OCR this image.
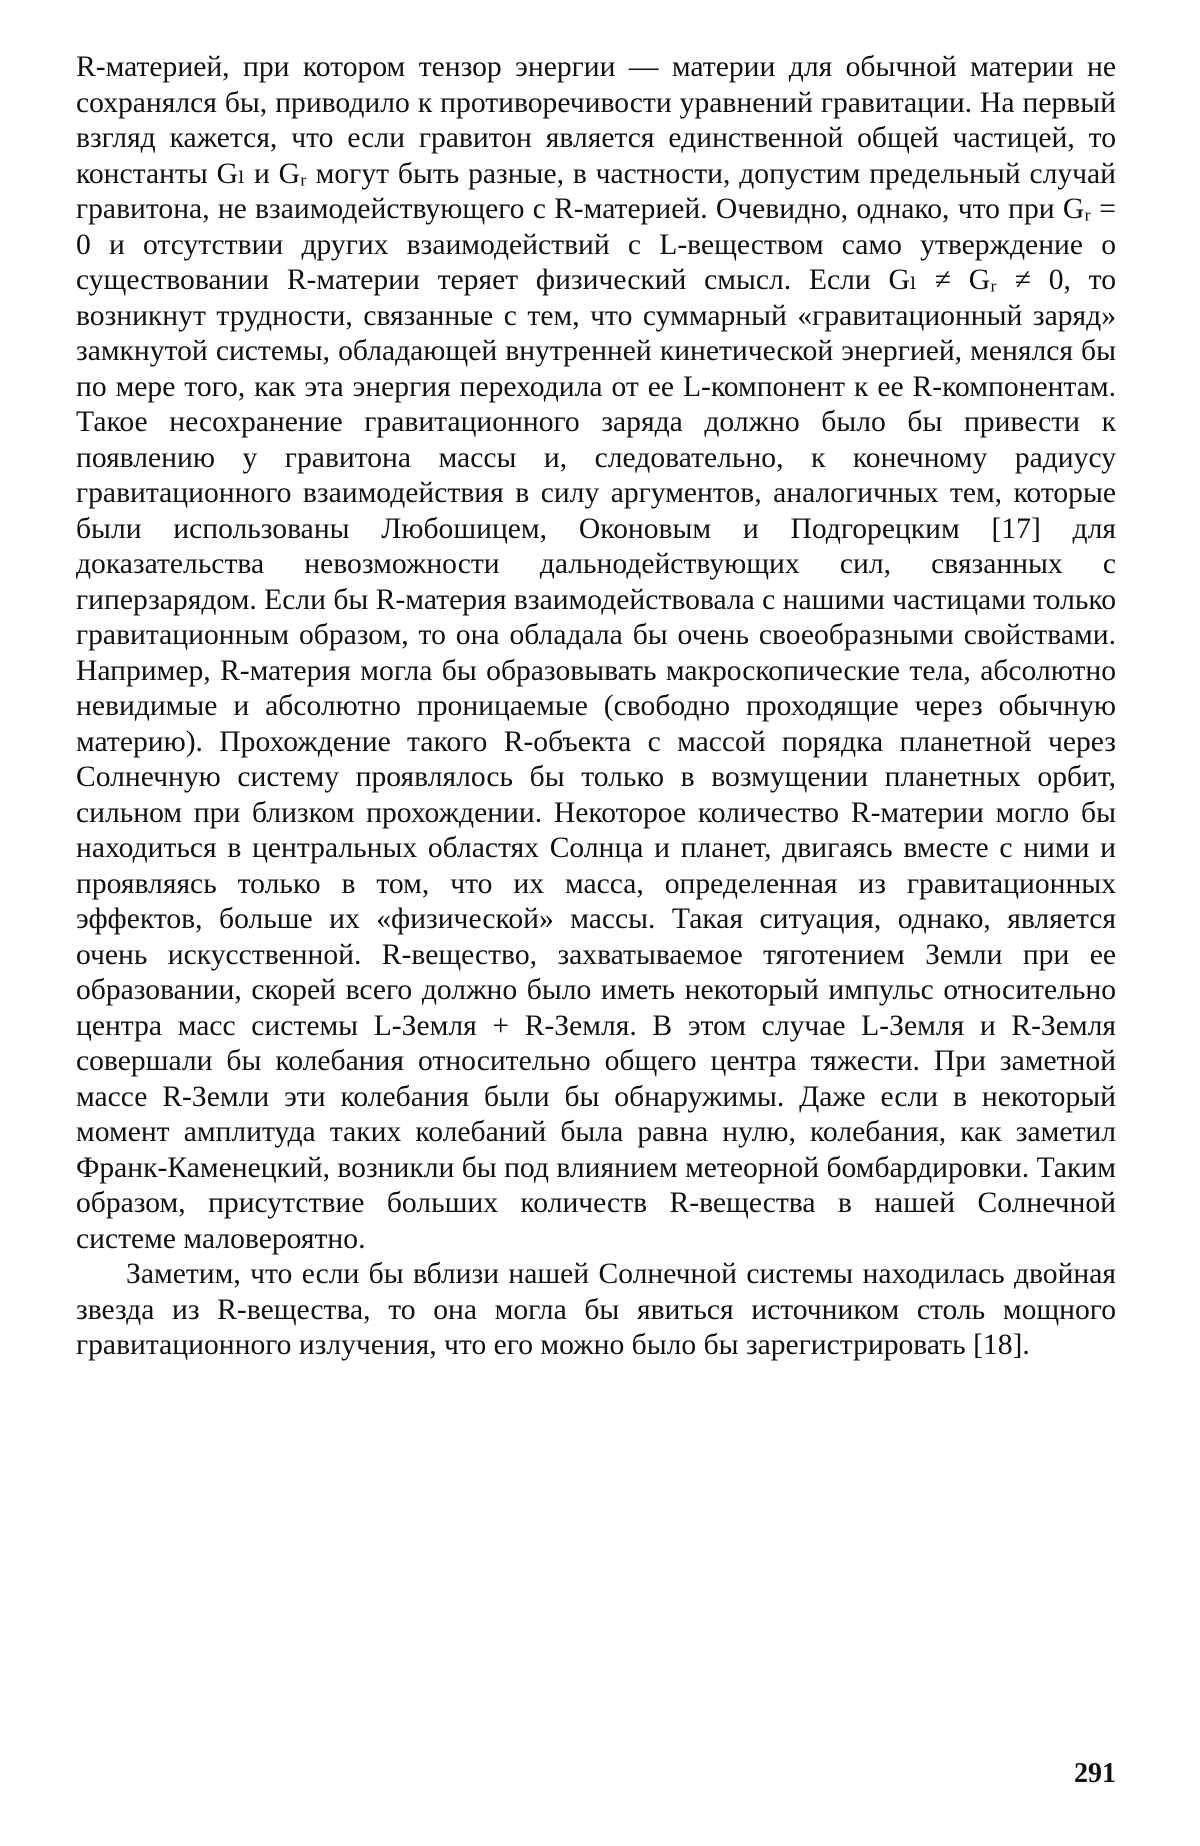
R-материей, при котором тензор энергии — материи для обычной материи не сохранялся бы, приводило к противоречивости уравнений гравитации. На первый взгляд кажется, что если гравитон является единственной общей частицей, то константы Gₗ и Gᵣ могут быть разные, в частности, допустим предельный случай гравитона, не взаимодействующего с R-материей. Очевидно, однако, что при Gᵣ = 0 и отсутствии других взаимодействий с L-веществом само утверждение о существовании R-материи теряет физический смысл. Если Gₗ ≠ Gᵣ ≠ 0, то возникнут трудности, связанные с тем, что суммарный «гравитационный заряд» замкнутой системы, обладающей внутренней кинетической энергией, менялся бы по мере того, как эта энергия переходила от ее L-компонент к ее R-компонентам. Такое несохранение гравитационного заряда должно было бы привести к появлению у гравитона массы и, следовательно, к конечному радиусу гравитационного взаимодействия в силу аргументов, аналогичных тем, которые были использованы Любошицем, Оконовым и Подгорецким [17] для доказательства невозможности дальнодействующих сил, связанных с гиперзарядом. Если бы R-материя взаимодействовала с нашими частицами только гравитационным образом, то она обладала бы очень своеобразными свойствами. Например, R-материя могла бы образовывать макроскопические тела, абсолютно невидимые и абсолютно проницаемые (свободно проходящие через обычную материю). Прохождение такого R-объекта с массой порядка планетной через Солнечную систему проявлялось бы только в возмущении планетных орбит, сильном при близком прохождении. Некоторое количество R-материи могло бы находиться в центральных областях Солнца и планет, двигаясь вместе с ними и проявляясь только в том, что их масса, определенная из гравитационных эффектов, больше их «физической» массы. Такая ситуация, однако, является очень искусственной. R-вещество, захватываемое тяготением Земли при ее образовании, скорей всего должно было иметь некоторый импульс относительно центра масс системы L-Земля + R-Земля. В этом случае L-Земля и R-Земля совершали бы колебания относительно общего центра тяжести. При заметной массе R-Земли эти колебания были бы обнаружимы. Даже если в некоторый момент амплитуда таких колебаний была равна нулю, колебания, как заметил Франк-Каменецкий, возникли бы под влиянием метеорной бомбардировки. Таким образом, присутствие больших количеств R-вещества в нашей Солнечной системе маловероятно.

Заметим, что если бы вблизи нашей Солнечной системы находилась двойная звезда из R-вещества, то она могла бы явиться источником столь мощного гравитационного излучения, что его можно было бы зарегистрировать [18].

291
